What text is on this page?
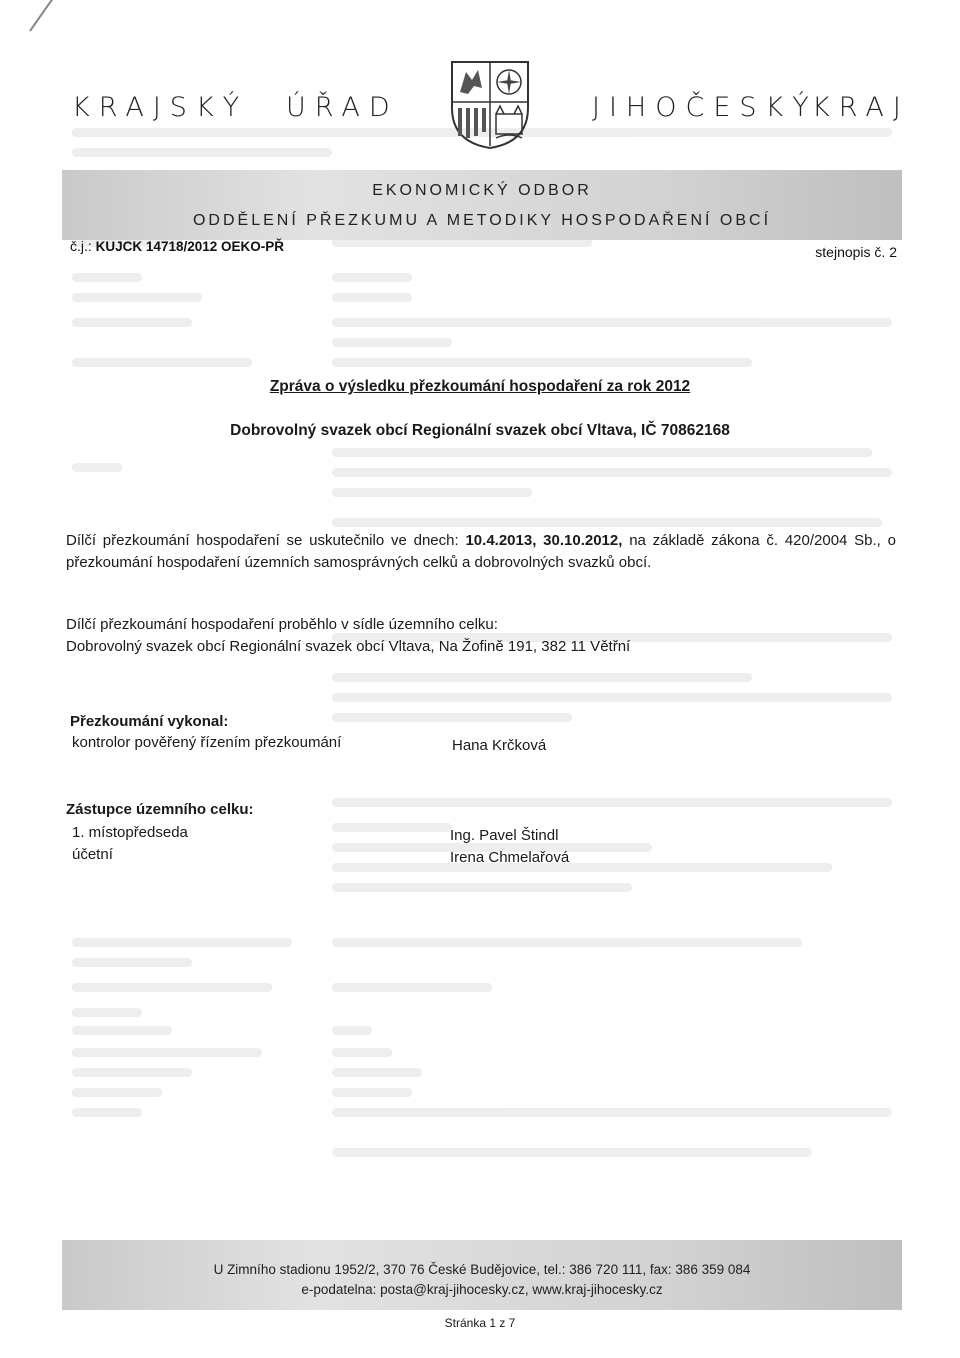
KRAJSKÝ ÚŘAD	JIHOČESKÝ
KRAJ
EKONOMICKÝ ODBOR
ODDĚLENÍ PŘEZKUMU A METODIKY HOSPODAŘENÍ OBCÍ
č.j.: KUJCK 14718/2012 OEKO-PŘ	stejnopis č. 2
Zpráva o výsledku přezkoumání hospodaření za rok 2012
Dobrovolný svazek obcí Regionální svazek obcí Vltava, IČ 70862168
Dílčí přezkoumání hospodaření se uskutečnilo ve dnech: 10.4.2013, 30.10.2012, na základě zákona č. 420/2004 Sb., o přezkoumání hospodaření územních samosprávných celků a dobrovolných svazků obcí.
Dílčí přezkoumání hospodaření proběhlo v sídle územního celku:
Dobrovolný svazek obcí Regionální svazek obcí Vltava, Na Žofině 191, 382 11 Větřní
Přezkoumání vykonal:
kontrolor pověřený řízením přezkoumání	Hana Krčková
Zástupce územního celku:
1. místopředseda	Ing. Pavel Štindl
účetní	Irena Chmelařová
U Zimního stadionu 1952/2, 370 76 České Budějovice, tel.: 386 720 111, fax: 386 359 084
e-podatelna: posta@kraj-jihocesky.cz, www.kraj-jihocesky.cz
Stránka 1 z 7
